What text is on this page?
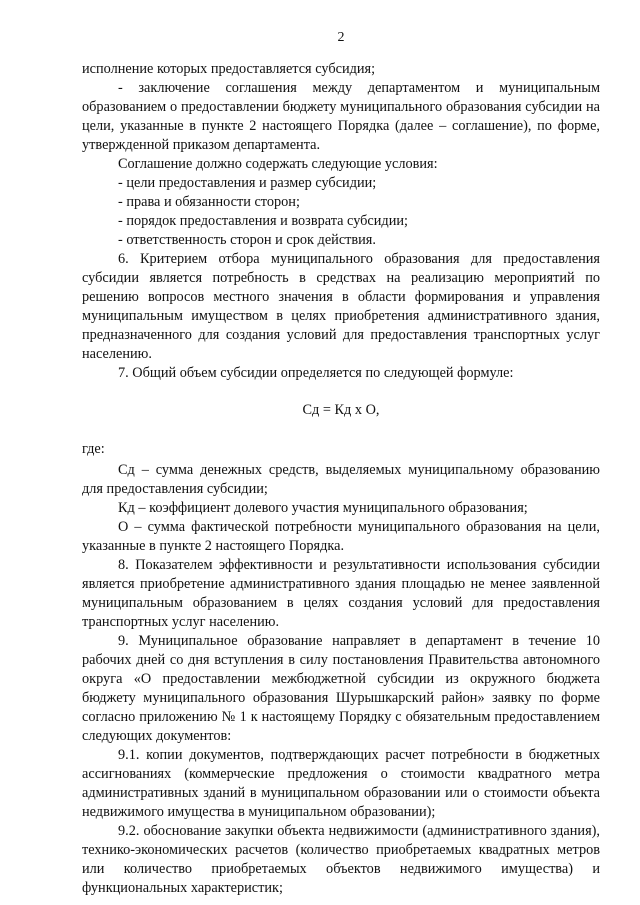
2

исполнение которых предоставляется субсидия;

- заключение соглашения между департаментом и муниципальным образованием о предоставлении бюджету муниципального образования субсидии на цели, указанные в пункте 2 настоящего Порядка (далее – соглашение), по форме, утвержденной приказом департамента.

Соглашение должно содержать следующие условия:

- цели предоставления и размер субсидии;

- права и обязанности сторон;

- порядок предоставления и возврата субсидии;

- ответственность сторон и срок действия.

6. Критерием отбора муниципального образования для предоставления субсидии является потребность в средствах на реализацию мероприятий по решению вопросов местного значения в области формирования и управления муниципальным имуществом в целях приобретения административного здания, предназначенного для создания условий для предоставления транспортных услуг населению.

7. Общий объем субсидии определяется по следующей формуле:

Сд = Кд х О,

где:

Сд – сумма денежных средств, выделяемых муниципальному образованию для предоставления субсидии;

Кд – коэффициент долевого участия муниципального образования;

О – сумма фактической потребности муниципального образования на цели, указанные в пункте 2 настоящего Порядка.

8. Показателем эффективности и результативности использования субсидии является приобретение административного здания площадью не менее заявленной муниципальным образованием в целях создания условий для предоставления транспортных услуг населению.

9. Муниципальное образование направляет в департамент в течение 10 рабочих дней со дня вступления в силу постановления Правительства автономного округа «О предоставлении межбюджетной субсидии из окружного бюджета бюджету муниципального образования Шурышкарский район» заявку по форме согласно приложению № 1 к настоящему Порядку с обязательным предоставлением следующих документов:

9.1. копии документов, подтверждающих расчет потребности в бюджетных ассигнованиях (коммерческие предложения о стоимости квадратного метра административных зданий в муниципальном образовании или о стоимости объекта недвижимого имущества в муниципальном образовании);

9.2. обоснование закупки объекта недвижимости (административного здания), технико-экономических расчетов (количество приобретаемых квадратных метров или количество приобретаемых объектов недвижимого имущества) и функциональных характеристик;
